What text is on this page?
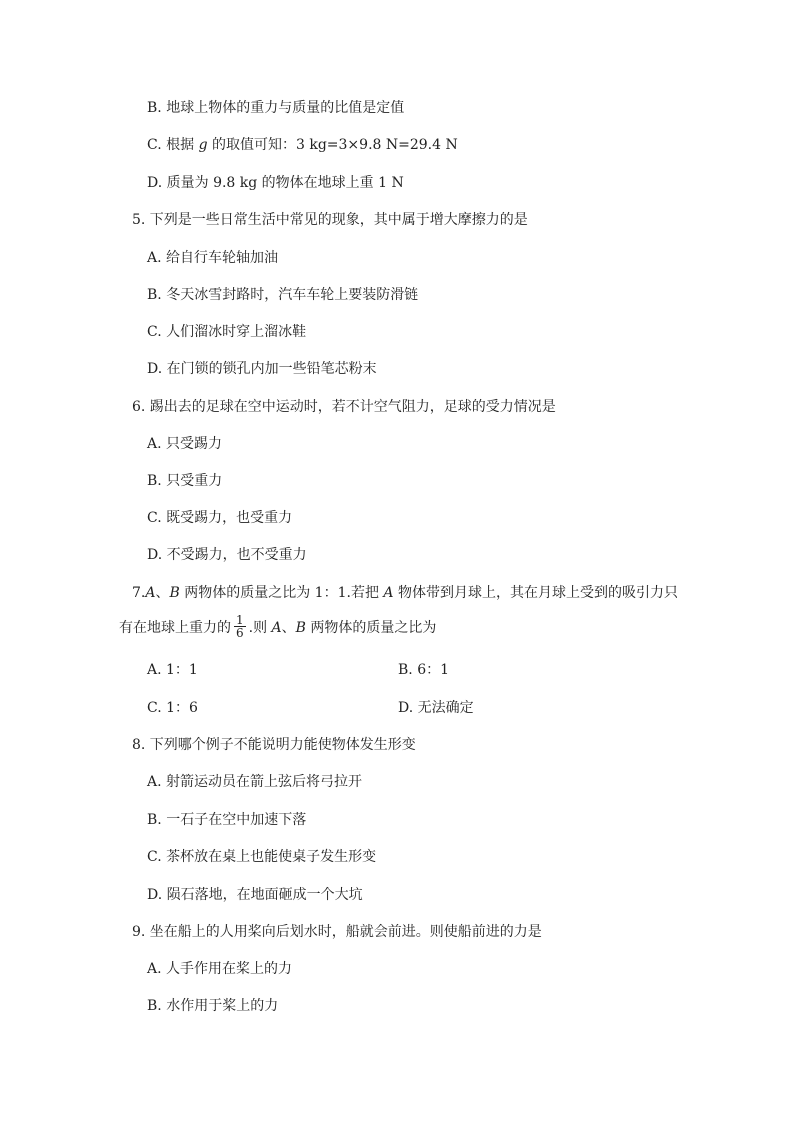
B. 地球上物体的重力与质量的比值是定值
C. 根据 g 的取值可知：3 kg=3×9.8 N=29.4 N
D. 质量为 9.8 kg 的物体在地球上重 1 N
5. 下列是一些日常生活中常见的现象，其中属于增大摩擦力的是
A. 给自行车轮轴加油
B. 冬天冰雪封路时，汽车车轮上要装防滑链
C. 人们溜冰时穿上溜冰鞋
D. 在门锁的锁孔内加一些铅笔芯粉末
6. 踢出去的足球在空中运动时，若不计空气阻力，足球的受力情况是
A. 只受踢力
B. 只受重力
C. 既受踢力，也受重力
D. 不受踢力，也不受重力
7.A、B 两物体的质量之比为 1：1.若把 A 物体带到月球上，其在月球上受到的吸引力只
有在地球上重力的 $\frac{1}{6}$ .则 A、B 两物体的质量之比为
A. 1：1	B. 6：1
C. 1：6	D. 无法确定
8. 下列哪个例子不能说明力能使物体发生形变
A. 射箭运动员在箭上弦后将弓拉开
B. 一石子在空中加速下落
C. 茶杯放在桌上也能使桌子发生形变
D. 陨石落地，在地面砸成一个大坑
9. 坐在船上的人用桨向后划水时，船就会前进。则使船前进的力是
A. 人手作用在桨上的力
B. 水作用于桨上的力
